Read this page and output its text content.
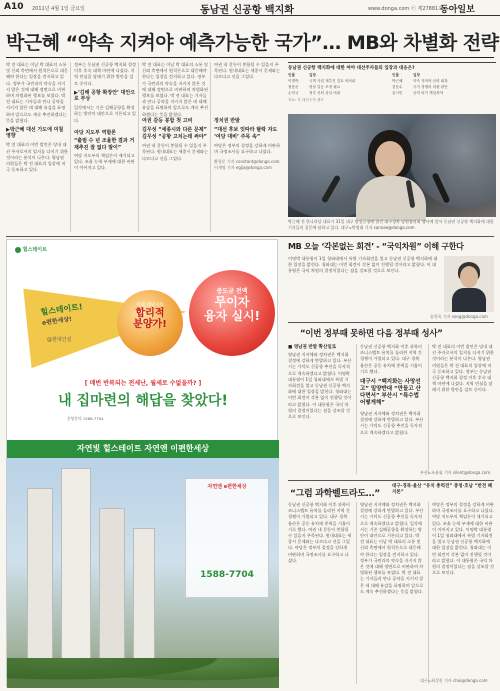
A10 2011년 4월 1일 금요일	동남권 신공항 백지화	www.donga.com ⓔ 제27881호
동아일보
박근혜 “약속 지켜야 예측가능한 국가”… MB와 차별화 전략
박 전 대표는 이날 박 대표의 소통 및 신뢰 측면에서 원칙론으로 대응해야 한다는 입장을 견지하고 있다. 정부가 국민과의 약속을 지키지 않은 것에 대해 정면으로 비판하며 차별화된 행보를 보였다. 박 전 대표는 기자들과 만나 공약을 지키지 않은 데 대해 유감을 표명하며 앞으로도 계속 추진하겠다는 뜻을 밝혔다.
▶박근혜 대선 가도에 미칠 영향
박 전 대표의 이번 발언은 당내 대선 주자로서의 입지를 다지기 위한 것이라는 분석이 나온다. 영남권 의원들은 박 전 대표의 입장에 적극 동조하고 있다.
정부는 동남권 신공항 백지화 결정 이후 후속 대책 마련에 나섰다. 지역 민심을 달래기 위한 방안을 검토 중이다.
▶‘김해 공항 확장안’ 대안으로 부상
일각에서는 기존 김해공항을 확장하는 방안이 대안으로 거론되고 있다.
여당 지도부 역할론
“출범 수 년 조율한 결과 거 재추진 잘 없다 말이”
여당 지도부의 책임론이 제기되고 있다. 조율 능력 부재에 대한 비판이 이어지고 있다.
여권 갈등 봉합 첫 고비
김무성 “세종시와 다른 문제” 김무성 “공항 고치는데 써야”
여권 내 갈등이 봉합될 수 있을지 주목된다. 원내대표는 세종시 문제와는 다르다고 선을 그었다.
박 전 대표는 이날 박 대표의 소통 및 신뢰 측면에서 원칙론으로 대응해야 한다는 입장을 견지하고 있다. 정부가 국민과의 약속을 지키지 않은 것에 대해 정면으로 비판하며 차별화된 행보를 보였다. 박 전 대표는 기자들과 만나 공약을 지키지 않은 데 대해 유감을 표명하며 앞으로도 계속 추진하겠다는 뜻을 밝혔다.
정치권 반발
“대선 후보 잇따라 탈락 자도 ‘여당 대비’ 주목 속”
야당은 정부의 결정을 강하게 비판하며 국정조사를 요구하고 나섰다.
황형준 기자 constant@donga.com
이재명 기자 egija@donga.com
여권 내 갈등이 봉합될 수 있을지 주목된다. 원내대표는 세종시 문제와는 다르다고 선을 그었다.
동남권 신공항 백지화에 대한 여야 대선주자들의 입장과 대응은?
인물	입장	인물	입장
이명박	국책 사업 재추진 검토 어려워	박근혜	약속 지켜야 신뢰 회복
정몽준	영남 갈등 조정 필요	김문수	국가 경쟁력 차원 판단
손학규	정부 신뢰 상실 비판	유시민	공약 파기 책임져야
자료: 각 대선주자 캠프
박근혜 전 한나라당 대표가 31일 대구 달성군청에 열린 대구경북 당원협의회 행사에 앞서 동남권 신공항 백지화에 대한 기자들의 질문에 답하고 있다. 대구=박영대 기자 sannae@donga.com
힐스테이트
힐스테이트!
e편한세상!
@현대건설
이젠 대단지의
합리적
분양가!
중도금 전액
무이자
융자 실시!
[ 매번 반복되는 전세난, 월세로 수없을까? ]
내 집마련의 해답을 찾았다!
분양문의 1588-7704
자연빛 힐스테이트 자연앤 이편한세상
자연앤 e편한세상
1588-7704
MB 오늘 ‘각본없는 회견’ - “국익차원” 이해 구한다
이명박 대통령이 1일 청와대에서 특별 기자회견을 열고 동남권 신공항 백지화에 대한 입장을 밝힌다. 청와대는 이번 회견이 각본 없이 진행될 것이라고 밝혔다. 이 대통령은 국익 차원의 결정이었다는 점을 강조할 것으로 보인다.
송찬욱 기자 song@donga.com
“이번 정부때 못하면 다음 정부때 성사”
■ 영남권 반발 확산일로
영남권 지자체와 정치권은 백지화 결정에 강하게 반발하고 있다. 부산시는 가덕도 신공항 추진을 독자적으로 계속하겠다고 밝혔다. 이명박 대통령이 1일 청와대에서 특별 기자회견을 열고 동남권 신공항 백지화에 대한 입장을 밝힌다. 청와대는 이번 회견이 각본 없이 진행될 것이라고 밝혔다. 이 대통령은 국익 차원의 결정이었다는 점을 강조할 것으로 보인다.
동남권 신공항 백지화 이후 과학비즈니스벨트 유치를 둘러싼 지역 간 경쟁이 가열되고 있다. 대구 경북 울산은 공동 유치에 총력을 기울이기로 했다.
대구시 “백지화는 사망선고” 밀양반대 “만들고 산다면서” 부산시 “특수법 어떻게해”
영남권 지자체와 정치권은 백지화 결정에 강하게 반발하고 있다. 부산시는 가덕도 신공항 추진을 독자적으로 계속하겠다고 밝혔다.
박 전 대표의 이번 발언은 당내 대선 주자로서의 입지를 다지기 위한 것이라는 분석이 나온다. 영남권 의원들은 박 전 대표의 입장에 적극 동조하고 있다. 정부는 동남권 신공항 백지화 결정 이후 후속 대책 마련에 나섰다. 지역 민심을 달래기 위한 방안을 검토 중이다.
부산=조용휘 기자 silent@donga.com
“그럼 과학벨트라도…”
대구·경북·울산 “유치 총력전” 충청·호남 “반전 폐지론”
동남권 신공항 백지화 이후 과학비즈니스벨트 유치를 둘러싼 지역 간 경쟁이 가열되고 있다. 대구 경북 울산은 공동 유치에 총력을 기울이기로 했다. 여권 내 갈등이 봉합될 수 있을지 주목된다. 원내대표는 세종시 문제와는 다르다고 선을 그었다. 야당은 정부의 결정을 강하게 비판하며 국정조사를 요구하고 나섰다.
영남권 지자체와 정치권은 백지화 결정에 강하게 반발하고 있다. 부산시는 가덕도 신공항 추진을 독자적으로 계속하겠다고 밝혔다. 일각에서는 기존 김해공항을 확장하는 방안이 대안으로 거론되고 있다. 박 전 대표는 이날 박 대표의 소통 및 신뢰 측면에서 원칙론으로 대응해야 한다는 입장을 견지하고 있다. 정부가 국민과의 약속을 지키지 않은 것에 대해 정면으로 비판하며 차별화된 행보를 보였다. 박 전 대표는 기자들과 만나 공약을 지키지 않은 데 대해 유감을 표명하며 앞으로도 계속 추진하겠다는 뜻을 밝혔다.
야당은 정부의 결정을 강하게 비판하며 국정조사를 요구하고 나섰다. 여당 지도부의 책임론이 제기되고 있다. 조율 능력 부재에 대한 비판이 이어지고 있다. 이명박 대통령이 1일 청와대에서 특별 기자회견을 열고 동남권 신공항 백지화에 대한 입장을 밝힌다. 청와대는 이번 회견이 각본 없이 진행될 것이라고 밝혔다. 이 대통령은 국익 차원의 결정이었다는 점을 강조할 것으로 보인다.
대구=최성진 기자 choi@donga.com
